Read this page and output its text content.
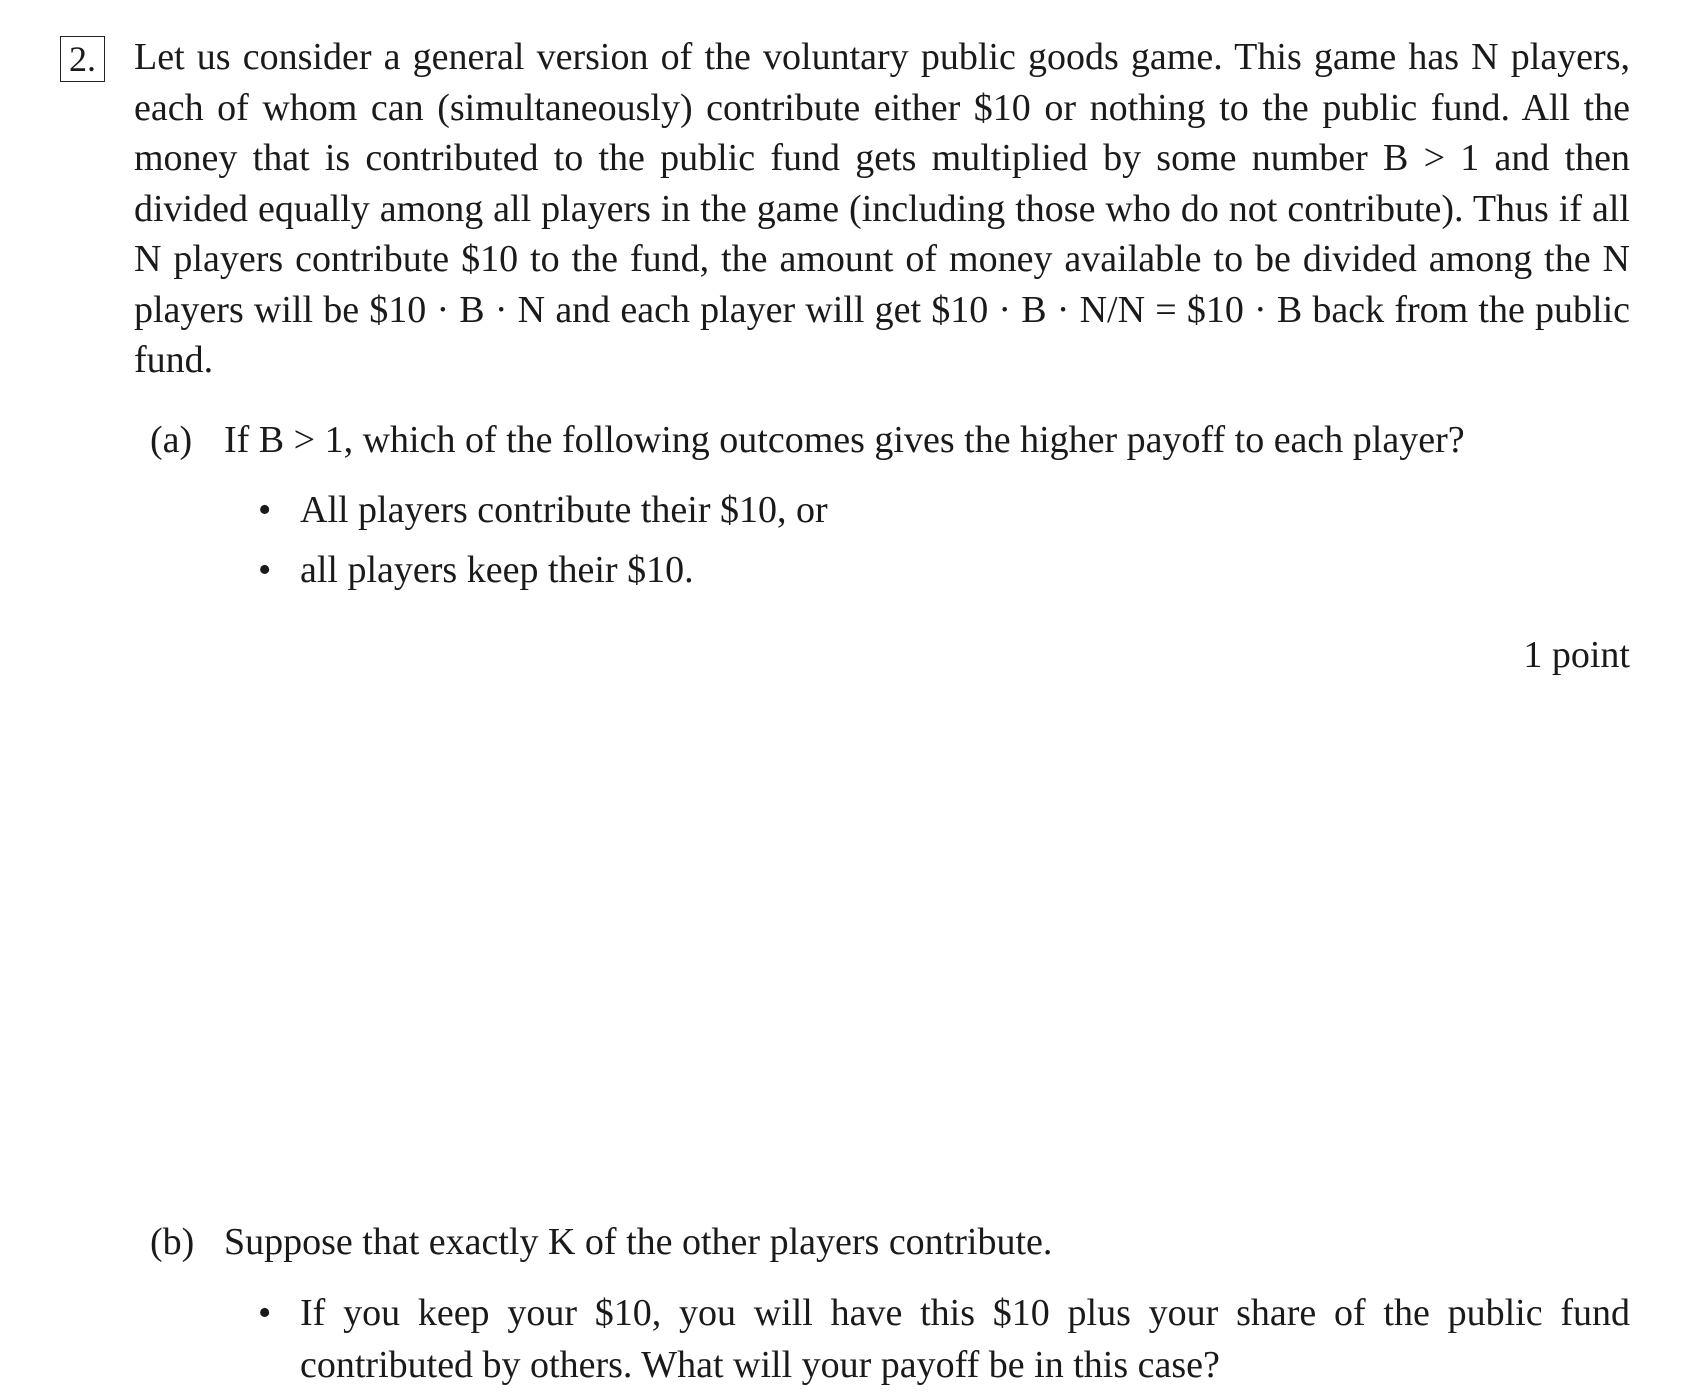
2. Let us consider a general version of the voluntary public goods game. This game has N players, each of whom can (simultaneously) contribute either $10 or nothing to the public fund. All the money that is contributed to the public fund gets multiplied by some number B > 1 and then divided equally among all players in the game (including those who do not contribute). Thus if all N players contribute $10 to the fund, the amount of money available to be divided among the N players will be $10 · B · N and each player will get $10 · B · N/N = $10 · B back from the public fund.
(a) If B > 1, which of the following outcomes gives the higher payoff to each player?
• All players contribute their $10, or
• all players keep their $10.
1 point
(b) Suppose that exactly K of the other players contribute.
• If you keep your $10, you will have this $10 plus your share of the public fund contributed by others. What will your payoff be in this case?
